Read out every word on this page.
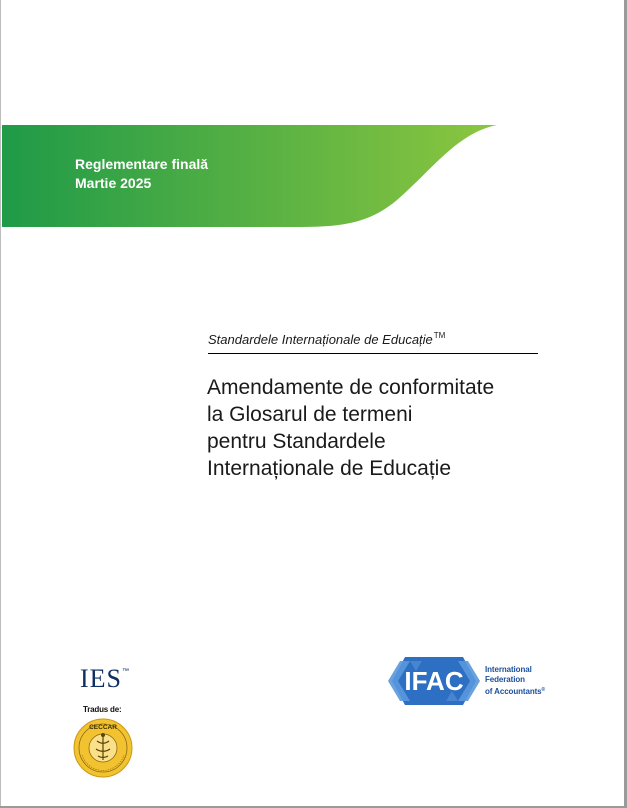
Reglementare finală
Martie 2025
Standardele Internaționale de Educație™
Amendamente de conformitate
la Glosarul de termeni
pentru Standardele
Internaționale de Educație
IES™
Tradus de:
CECCAR
IFAC	International
Federation
of Accountants®
